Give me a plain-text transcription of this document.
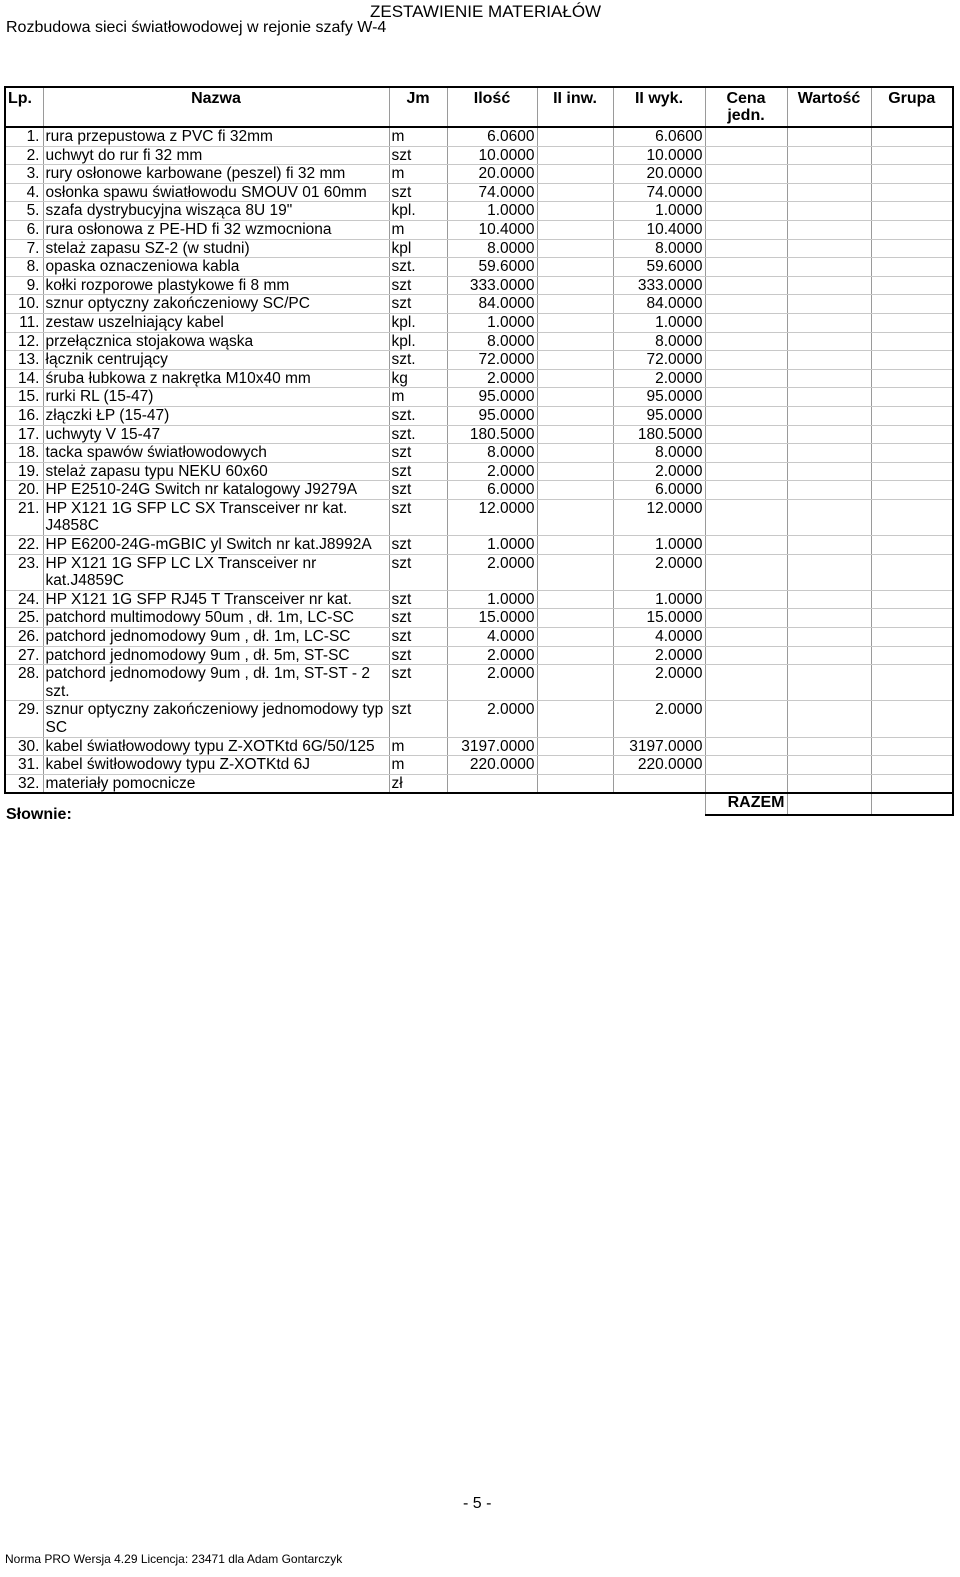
ZESTAWIENIE MATERIAŁÓW
Rozbudowa sieci światłowodowej w rejonie szafy W-4
Lp.	Nazwa	Jm	Ilość	II inw.	II wyk.	Cena jedn.	Wartość	Grupa
1.	rura przepustowa z PVC fi 32mm	m	6.0600		6.0600			
2.	uchwyt do rur fi 32 mm	szt	10.0000		10.0000			
3.	rury osłonowe karbowane (peszel) fi 32 mm	m	20.0000		20.0000			
4.	osłonka spawu światłowodu SMOUV 01 60mm	szt	74.0000		74.0000			
5.	szafa dystrybucyjna wisząca 8U 19"	kpl.	1.0000		1.0000			
6.	rura osłonowa z PE-HD fi 32 wzmocniona	m	10.4000		10.4000			
7.	stelaż zapasu SZ-2 (w studni)	kpl	8.0000		8.0000			
8.	opaska oznaczeniowa kabla	szt.	59.6000		59.6000			
9.	kołki rozporowe plastykowe fi 8 mm	szt	333.0000		333.0000			
10.	sznur optyczny zakończeniowy SC/PC	szt	84.0000		84.0000			
11.	zestaw uszelniający kabel	kpl.	1.0000		1.0000			
12.	przełącznica stojakowa wąska	kpl.	8.0000		8.0000			
13.	łącznik centrujący	szt.	72.0000		72.0000			
14.	śruba łubkowa z nakrętka M10x40 mm	kg	2.0000		2.0000			
15.	rurki RL (15-47)	m	95.0000		95.0000			
16.	złączki ŁP (15-47)	szt.	95.0000		95.0000			
17.	uchwyty V 15-47	szt.	180.5000		180.5000			
18.	tacka spawów światłowodowych	szt	8.0000		8.0000			
19.	stelaż zapasu typu NEKU 60x60	szt	2.0000		2.0000			
20.	HP E2510-24G Switch nr katalogowy J9279A	szt	6.0000		6.0000			
21.	HP X121 1G SFP LC SX Transceiver nr kat. J4858C	szt	12.0000		12.0000			
22.	HP E6200-24G-mGBIC yl Switch nr kat.J8992A	szt	1.0000		1.0000			
23.	HP X121 1G SFP LC LX Transceiver nr kat.J4859C	szt	2.0000		2.0000			
24.	HP X121 1G SFP RJ45 T Transceiver nr kat.	szt	1.0000		1.0000			
25.	patchord multimodowy 50um , dł. 1m, LC-SC	szt	15.0000		15.0000			
26.	patchord jednomodowy 9um , dł. 1m, LC-SC	szt	4.0000		4.0000			
27.	patchord jednomodowy 9um , dł. 5m, ST-SC	szt	2.0000		2.0000			
28.	patchord jednomodowy 9um , dł. 1m, ST-ST - 2 szt.	szt	2.0000		2.0000			
29.	sznur optyczny zakończeniowy jednomodowy typ SC	szt	2.0000		2.0000			
30.	kabel światłowodowy typu Z-XOTKtd 6G/50/125	m	3197.0000		3197.0000			
31.	kabel świtłowodowy typu Z-XOTKtd 6J	m	220.0000		220.0000			
32.	materiały pomocnicze	zł						
						RAZEM		
Słownie:
- 5 -
Norma PRO Wersja 4.29 Licencja: 23471 dla Adam Gontarczyk
